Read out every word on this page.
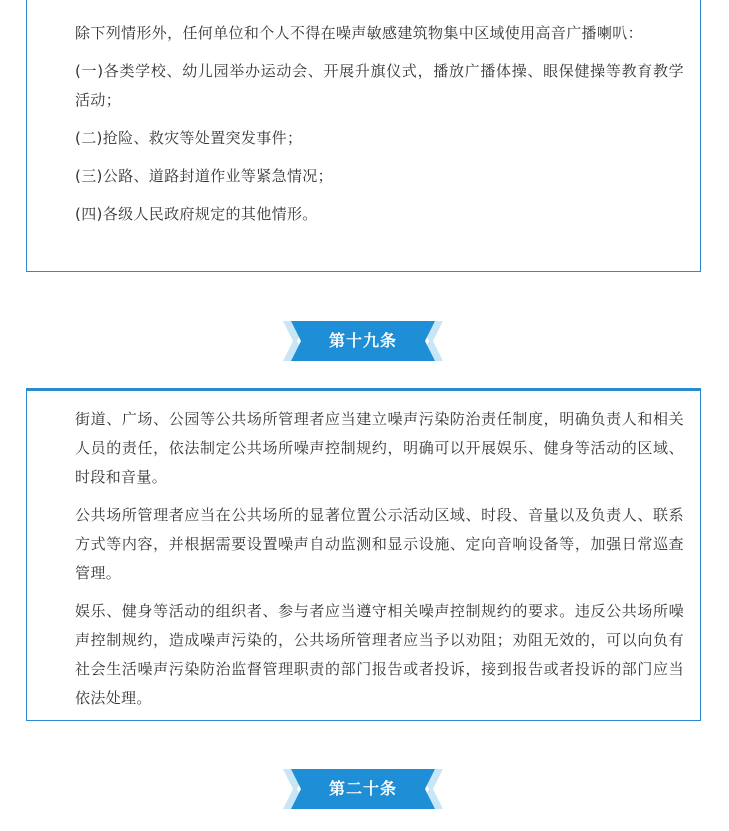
除下列情形外，任何单位和个人不得在噪声敏感建筑物集中区域使用高音广播喇叭：

(一)各类学校、幼儿园举办运动会、开展升旗仪式，播放广播体操、眼保健操等教育教学活动；

(二)抢险、救灾等处置突发事件；

(三)公路、道路封道作业等紧急情况；

(四)各级人民政府规定的其他情形。

第十九条

街道、广场、公园等公共场所管理者应当建立噪声污染防治责任制度，明确负责人和相关人员的责任，依法制定公共场所噪声控制规约，明确可以开展娱乐、健身等活动的区域、时段和音量。

公共场所管理者应当在公共场所的显著位置公示活动区域、时段、音量以及负责人、联系方式等内容，并根据需要设置噪声自动监测和显示设施、定向音响设备等，加强日常巡查管理。

娱乐、健身等活动的组织者、参与者应当遵守相关噪声控制规约的要求。违反公共场所噪声控制规约，造成噪声污染的，公共场所管理者应当予以劝阻；劝阻无效的，可以向负有社会生活噪声污染防治监督管理职责的部门报告或者投诉，接到报告或者投诉的部门应当依法处理。

第二十条
